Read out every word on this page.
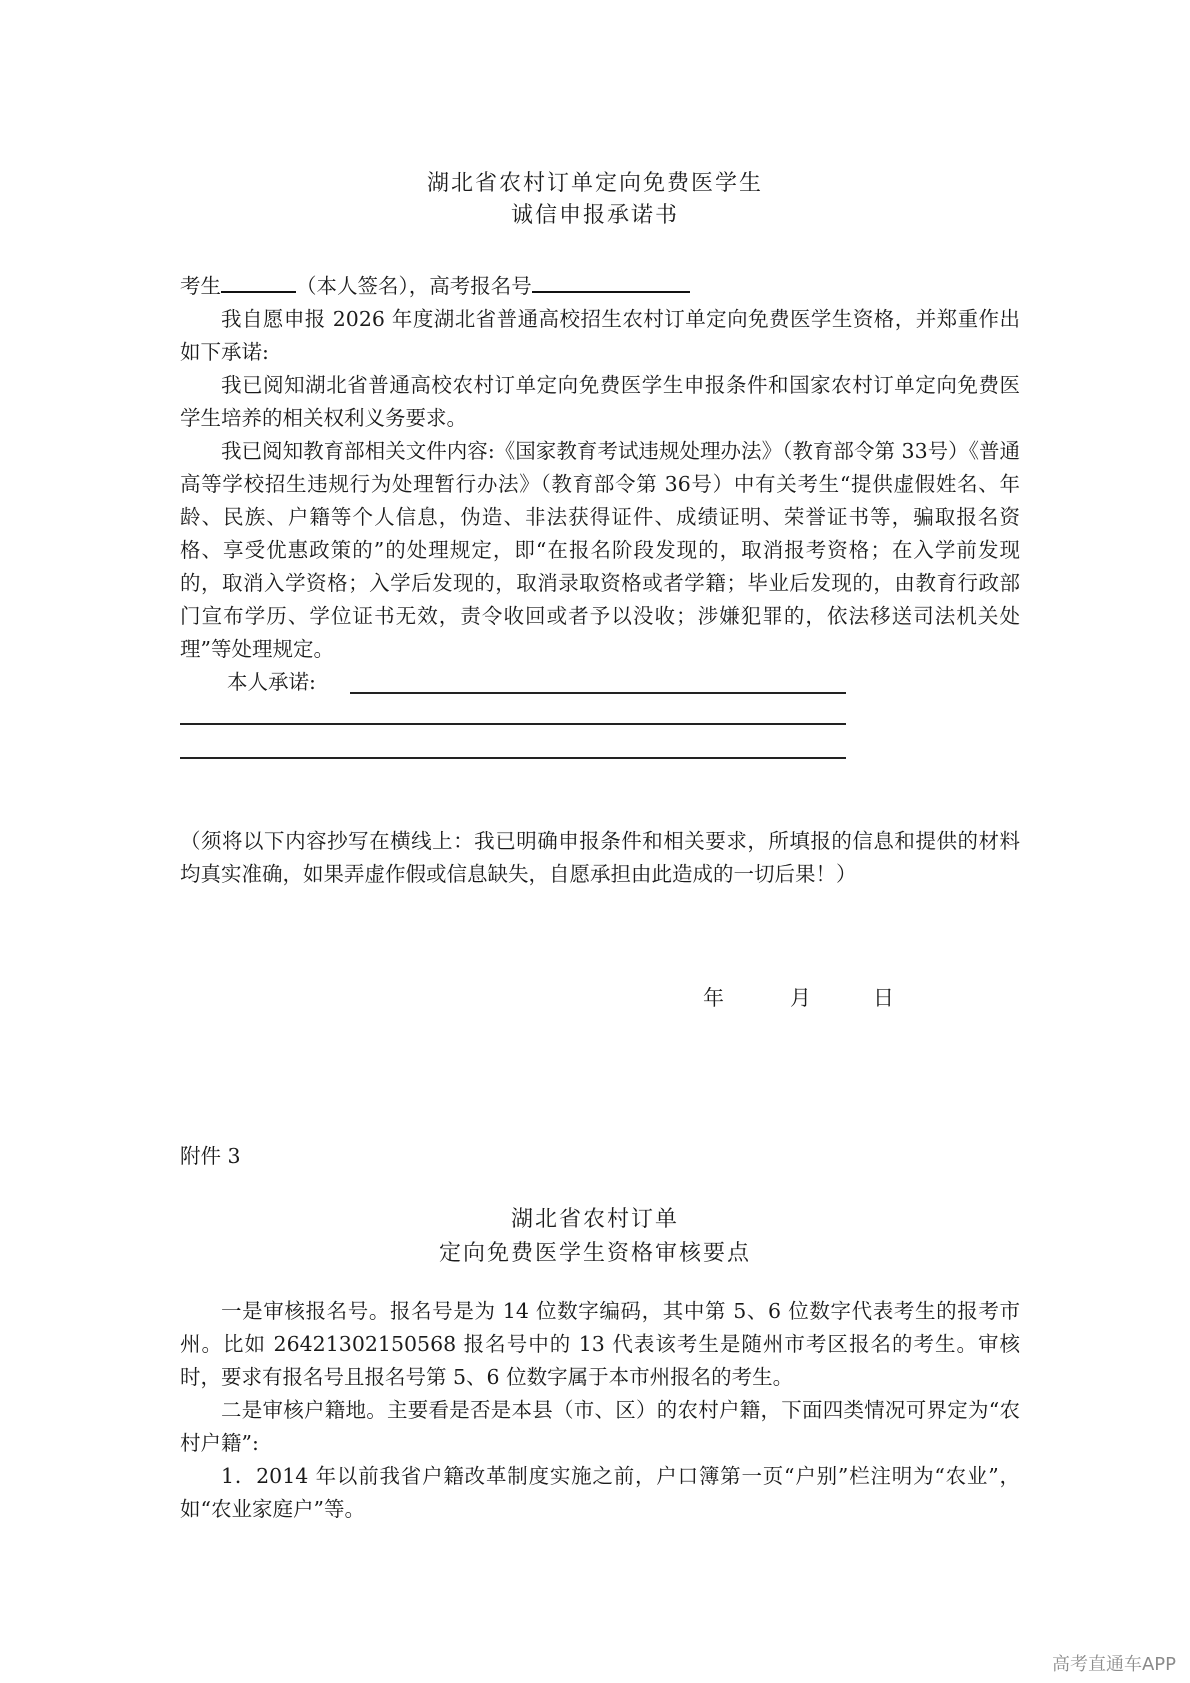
湖北省农村订单定向免费医学生
诚信申报承诺书
考生	（本人签名），高考报名号

我自愿申报 2026 年度湖北省普通高校招生农村订单定向免费医学生资格，并郑重作出如下承诺:

我已阅知湖北省普通高校农村订单定向免费医学生申报条件和国家农村订单定向免费医学生培养的相关权利义务要求。

我已阅知教育部相关文件内容:《国家教育考试违规处理办法》（教育部令第 33号）《普通高等学校招生违规行为处理暂行办法》（教育部令第 36号）中有关考生“提供虚假姓名、年龄、民族、户籍等个人信息，伪造、非法获得证件、成绩证明、荣誉证书等，骗取报名资格、享受优惠政策的”的处理规定，即“在报名阶段发现的，取消报考资格；在入学前发现的，取消入学资格；入学后发现的，取消录取资格或者学籍；毕业后发现的，由教育行政部门宣布学历、学位证书无效，责令收回或者予以没收；涉嫌犯罪的，依法移送司法机关处理”等处理规定。

本人承诺:

（须将以下内容抄写在横线上：我已明确申报条件和相关要求，所填报的信息和提供的材料均真实准确，如果弄虚作假或信息缺失，自愿承担由此造成的一切后果！）

年	月	日
附件 3
湖北省农村订单
定向免费医学生资格审核要点

一是审核报名号。报名号是为 14 位数字编码，其中第 5、6 位数字代表考生的报考市州。比如 26421302150568 报名号中的 13 代表该考生是随州市考区报名的考生。审核时，要求有报名号且报名号第 5、6 位数字属于本市州报名的考生。

二是审核户籍地。主要看是否是本县（市、区）的农村户籍，下面四类情况可界定为“农村户籍”:

1．2014 年以前我省户籍改革制度实施之前，户口簿第一页“户别”栏注明为“农业”，如“农业家庭户”等。

高考直通车APP
